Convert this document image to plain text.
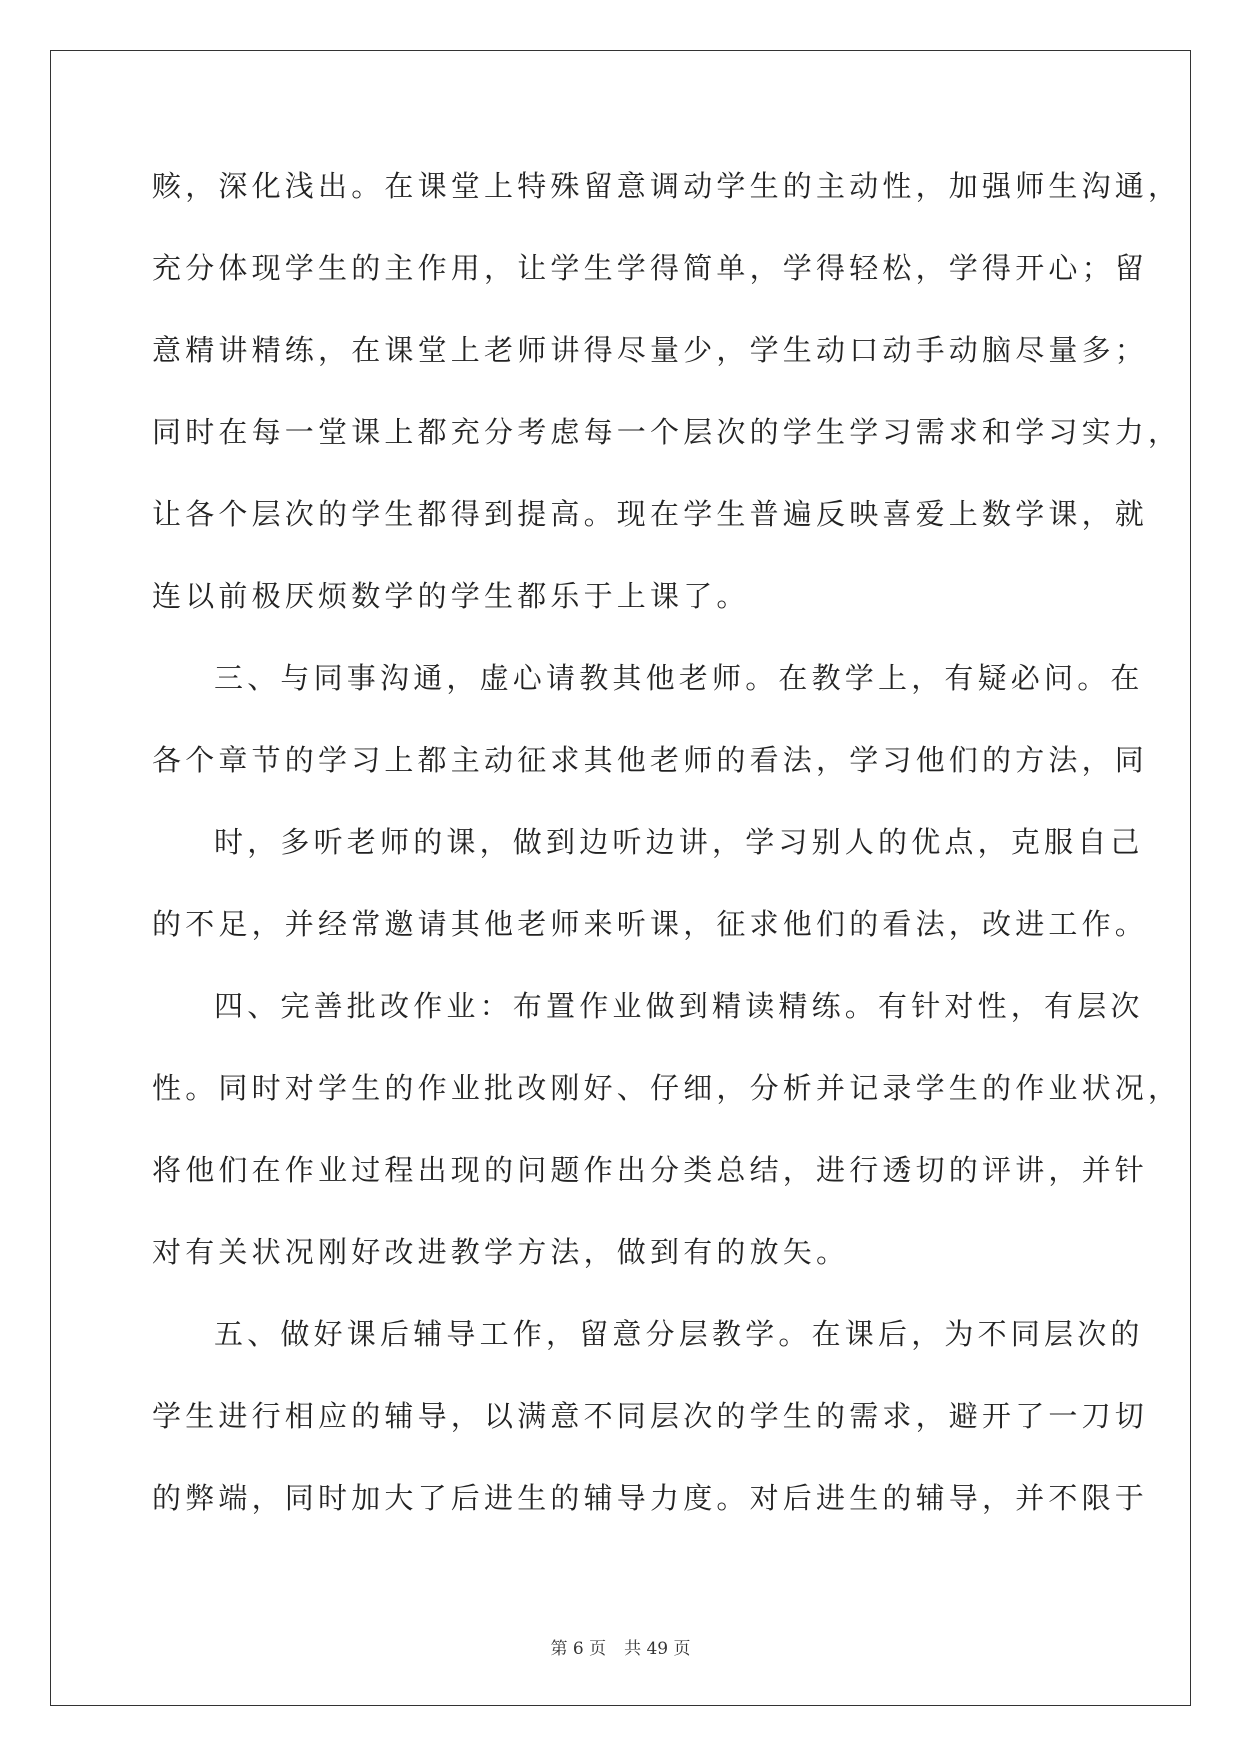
赅，深化浅出。在课堂上特殊留意调动学生的主动性，加强师生沟通，
充分体现学生的主作用，让学生学得简单，学得轻松，学得开心；留
意精讲精练，在课堂上老师讲得尽量少，学生动口动手动脑尽量多；
同时在每一堂课上都充分考虑每一个层次的学生学习需求和学习实力，
让各个层次的学生都得到提高。现在学生普遍反映喜爱上数学课，就
连以前极厌烦数学的学生都乐于上课了。
三、与同事沟通，虚心请教其他老师。在教学上，有疑必问。在
各个章节的学习上都主动征求其他老师的看法，学习他们的方法，同
时，多听老师的课，做到边听边讲，学习别人的优点，克服自己
的不足，并经常邀请其他老师来听课，征求他们的看法，改进工作。
四、完善批改作业：布置作业做到精读精练。有针对性，有层次
性。同时对学生的作业批改刚好、仔细，分析并记录学生的作业状况，
将他们在作业过程出现的问题作出分类总结，进行透切的评讲，并针
对有关状况刚好改进教学方法，做到有的放矢。
五、做好课后辅导工作，留意分层教学。在课后，为不同层次的
学生进行相应的辅导，以满意不同层次的学生的需求，避开了一刀切
的弊端，同时加大了后进生的辅导力度。对后进生的辅导，并不限于
第 6 页 共 49 页
